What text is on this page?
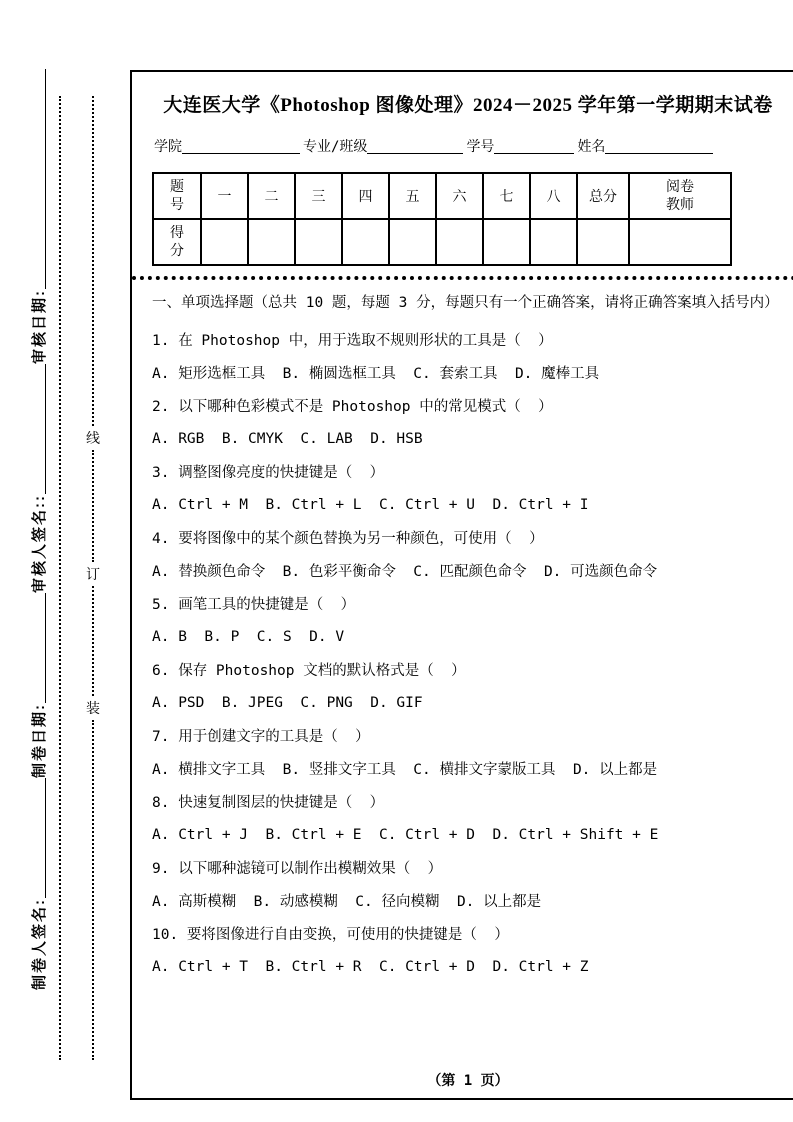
制卷人签名:
制卷日期:
审核人签名::
审核日期:
线
订
装
大连医大学《Photoshop 图像处理》2024－2025 学年第一学期期末试卷
学院	专业/班级	学号	姓名
题号	一	二	三	四	五	六	七	八	总分	阅卷教师

得分										

一、单项选择题（总共 10 题，每题 3 分，每题只有一个正确答案，请将正确答案填入括号内）
1. 在 Photoshop 中，用于选取不规则形状的工具是（  ）
A. 矩形选框工具  B. 椭圆选框工具  C. 套索工具  D. 魔棒工具
2. 以下哪种色彩模式不是 Photoshop 中的常见模式（  ）
A. RGB  B. CMYK  C. LAB  D. HSB
3. 调整图像亮度的快捷键是（  ）
A. Ctrl + M  B. Ctrl + L  C. Ctrl + U  D. Ctrl + I
4. 要将图像中的某个颜色替换为另一种颜色，可使用（  ）
A. 替换颜色命令  B. 色彩平衡命令  C. 匹配颜色命令  D. 可选颜色命令
5. 画笔工具的快捷键是（  ）
A. B  B. P  C. S  D. V
6. 保存 Photoshop 文档的默认格式是（  ）
A. PSD  B. JPEG  C. PNG  D. GIF
7. 用于创建文字的工具是（  ）
A. 横排文字工具  B. 竖排文字工具  C. 横排文字蒙版工具  D. 以上都是
8. 快速复制图层的快捷键是（  ）
A. Ctrl + J  B. Ctrl + E  C. Ctrl + D  D. Ctrl + Shift + E
9. 以下哪种滤镜可以制作出模糊效果（  ）
A. 高斯模糊  B. 动感模糊  C. 径向模糊  D. 以上都是
10. 要将图像进行自由变换，可使用的快捷键是（  ）
A. Ctrl + T  B. Ctrl + R  C. Ctrl + D  D. Ctrl + Z
（第 1 页）
